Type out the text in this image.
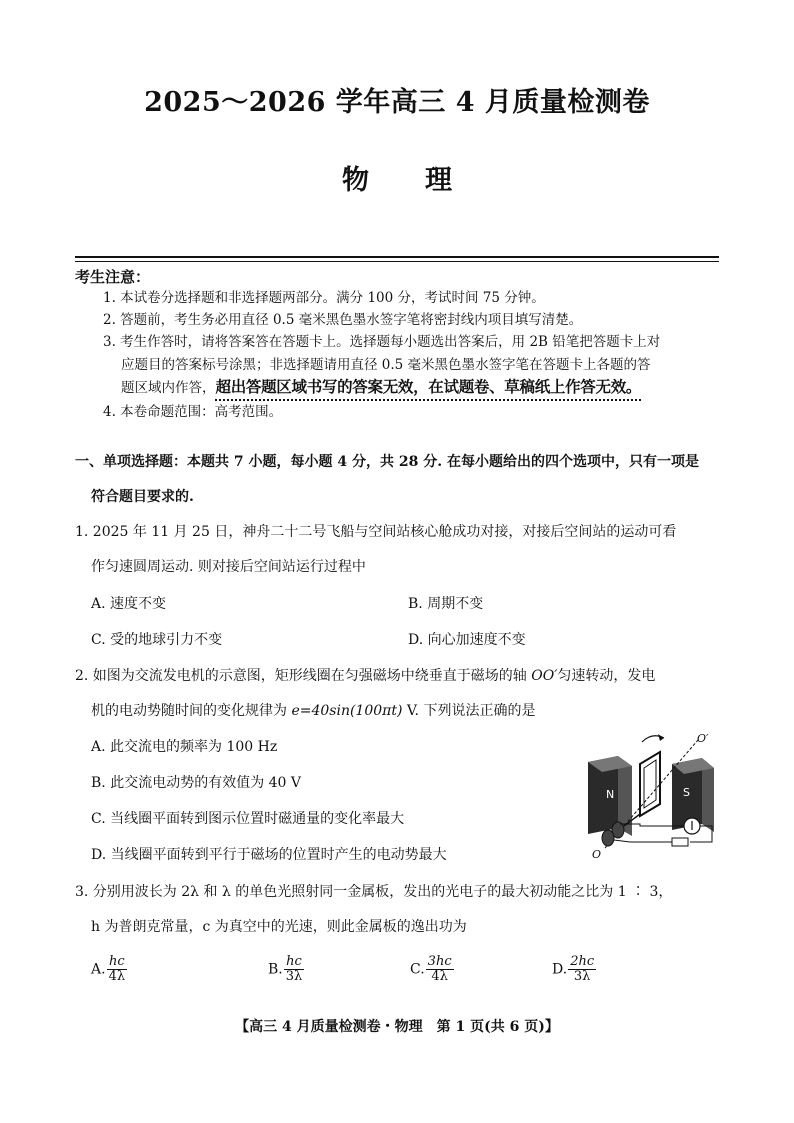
2025～2026 学年高三 4 月质量检测卷
物 理
考生注意：
1. 本试卷分选择题和非选择题两部分。满分 100 分，考试时间 75 分钟。
2. 答题前，考生务必用直径 0.5 毫米黑色墨水签字笔将密封线内项目填写清楚。
3. 考生作答时，请将答案答在答题卡上。选择题每小题选出答案后，用 2B 铅笔把答题卡上对
应题目的答案标号涂黑；非选择题请用直径 0.5 毫米黑色墨水签字笔在答题卡上各题的答
题区域内作答，超出答题区域书写的答案无效，在试题卷、草稿纸上作答无效。
4. 本卷命题范围：高考范围。
一、单项选择题：本题共 7 小题，每小题 4 分，共 28 分. 在每小题给出的四个选项中，只有一项是
符合题目要求的.
1. 2025 年 11 月 25 日，神舟二十二号飞船与空间站核心舱成功对接，对接后空间站的运动可看
作匀速圆周运动. 则对接后空间站运行过程中
A. 速度不变	B. 周期不变
C. 受的地球引力不变	D. 向心加速度不变
2. 如图为交流发电机的示意图，矩形线圈在匀强磁场中绕垂直于磁场的轴 OO′匀速转动，发电
机的电动势随时间的变化规律为 e=40sin(100πt) V. 下列说法正确的是
A. 此交流电的频率为 100 Hz
B. 此交流电动势的有效值为 40 V
C. 当线圈平面转到图示位置时磁通量的变化率最大
D. 当线圈平面转到平行于磁场的位置时产生的电动势最大
N	S
O′
O
3. 分别用波长为 2λ 和 λ 的单色光照射同一金属板，发出的光电子的最大初动能之比为 1 ∶ 3，
h 为普朗克常量，c 为真空中的光速，则此金属板的逸出功为
A. $\frac{hc}{4\lambda}$	B. $\frac{hc}{3\lambda}$	C. $\frac{3hc}{4\lambda}$	D. $\frac{2hc}{3\lambda}$
【高三 4 月质量检测卷・物理　第 1 页(共 6 页)】
